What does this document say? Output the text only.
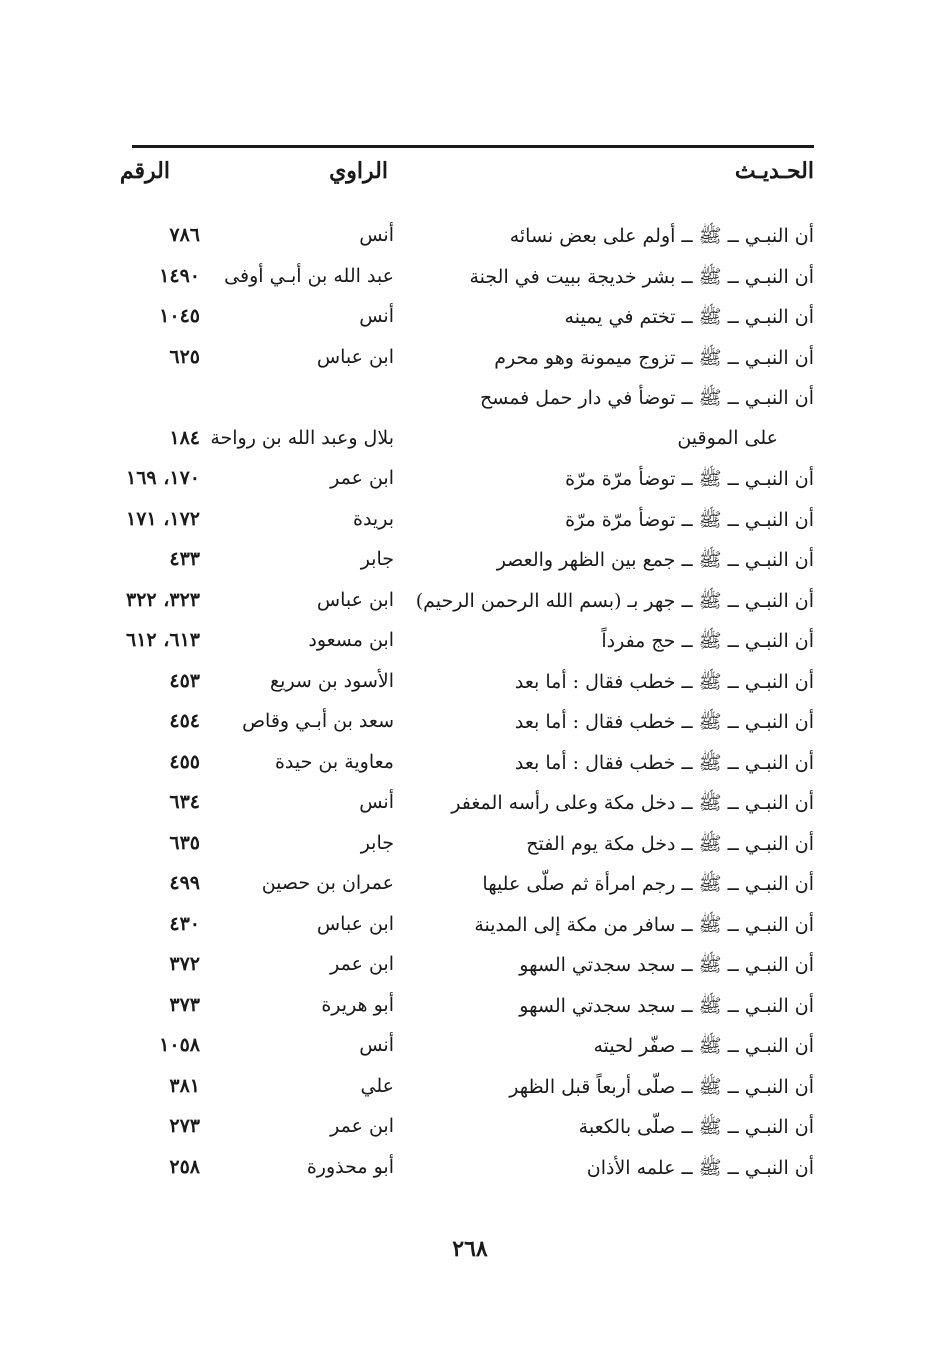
الحـديـث
الراوي
الرقم
أن النبـي ــ ﷺ ــ أولم على بعض نسائه
أنس
٧٨٦
أن النبـي ــ ﷺ ــ بشر خديجة ببيت في الجنة
عبد الله بن أبـي أوفى
١٤٩٠
أن النبـي ــ ﷺ ــ تختم في يمينه
أنس
١٠٤٥
أن النبـي ــ ﷺ ــ تزوج ميمونة وهو محرم
ابن عباس
٦٢٥
أن النبـي ــ ﷺ ــ توضأ في دار حمل فمسح
على الموقين
بلال وعبد الله بن رواحة
١٨٤
أن النبـي ــ ﷺ ــ توضأ مرّة مرّة
ابن عمر
١٧٠، ١٦٩
أن النبـي ــ ﷺ ــ توضأ مرّة مرّة
بريدة
١٧٢، ١٧١
أن النبـي ــ ﷺ ــ جمع بين الظهر والعصر
جابر
٤٣٣
أن النبـي ــ ﷺ ــ جهر بـ (بسم الله الرحمن الرحيم)
ابن عباس
٣٢٣، ٣٢٢
أن النبـي ــ ﷺ ــ حج مفرداً
ابن مسعود
٦١٣، ٦١٢
أن النبـي ــ ﷺ ــ خطب فقال : أما بعد
الأسود بن سريع
٤٥٣
أن النبـي ــ ﷺ ــ خطب فقال : أما بعد
سعد بن أبـي وقاص
٤٥٤
أن النبـي ــ ﷺ ــ خطب فقال : أما بعد
معاوية بن حيدة
٤٥٥
أن النبـي ــ ﷺ ــ دخل مكة وعلى رأسه المغفر
أنس
٦٣٤
أن النبـي ــ ﷺ ــ دخل مكة يوم الفتح
جابر
٦٣٥
أن النبـي ــ ﷺ ــ رجم امرأة ثم صلّى عليها
عمران بن حصين
٤٩٩
أن النبـي ــ ﷺ ــ سافر من مكة إلى المدينة
ابن عباس
٤٣٠
أن النبـي ــ ﷺ ــ سجد سجدتي السهو
ابن عمر
٣٧٢
أن النبـي ــ ﷺ ــ سجد سجدتي السهو
أبو هريرة
٣٧٣
أن النبـي ــ ﷺ ــ صفّر لحيته
أنس
١٠٥٨
أن النبـي ــ ﷺ ــ صلّى أربعاً قبل الظهر
علي
٣٨١
أن النبـي ــ ﷺ ــ صلّى بالكعبة
ابن عمر
٢٧٣
أن النبـي ــ ﷺ ــ علمه الأذان
أبو محذورة
٢٥٨
٢٦٨
